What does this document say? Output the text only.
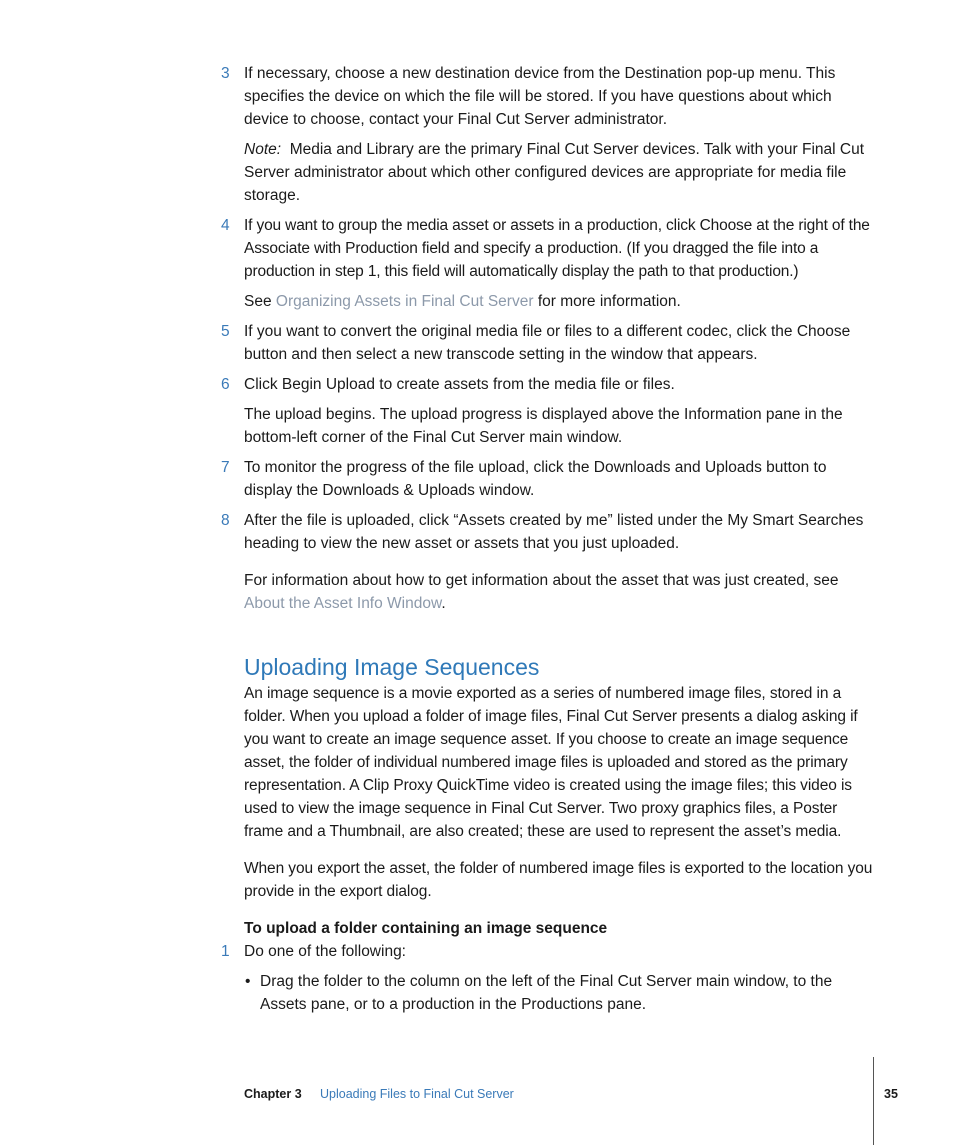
3 If necessary, choose a new destination device from the Destination pop-up menu. This specifies the device on which the file will be stored. If you have questions about which device to choose, contact your Final Cut Server administrator.
Note: Media and Library are the primary Final Cut Server devices. Talk with your Final Cut Server administrator about which other configured devices are appropriate for media file storage.
4 If you want to group the media asset or assets in a production, click Choose at the right of the Associate with Production field and specify a production. (If you dragged the file into a production in step 1, this field will automatically display the path to that production.)
See Organizing Assets in Final Cut Server for more information.
5 If you want to convert the original media file or files to a different codec, click the Choose button and then select a new transcode setting in the window that appears.
6 Click Begin Upload to create assets from the media file or files.
The upload begins. The upload progress is displayed above the Information pane in the bottom-left corner of the Final Cut Server main window.
7 To monitor the progress of the file upload, click the Downloads and Uploads button to display the Downloads & Uploads window.
8 After the file is uploaded, click “Assets created by me” listed under the My Smart Searches heading to view the new asset or assets that you just uploaded.
For information about how to get information about the asset that was just created, see About the Asset Info Window.
Uploading Image Sequences
An image sequence is a movie exported as a series of numbered image files, stored in a folder. When you upload a folder of image files, Final Cut Server presents a dialog asking if you want to create an image sequence asset. If you choose to create an image sequence asset, the folder of individual numbered image files is uploaded and stored as the primary representation. A Clip Proxy QuickTime video is created using the image files; this video is used to view the image sequence in Final Cut Server. Two proxy graphics files, a Poster frame and a Thumbnail, are also created; these are used to represent the asset’s media.
When you export the asset, the folder of numbered image files is exported to the location you provide in the export dialog.
To upload a folder containing an image sequence
1 Do one of the following:
• Drag the folder to the column on the left of the Final Cut Server main window, to the Assets pane, or to a production in the Productions pane.
Chapter 3 Uploading Files to Final Cut Server	35
